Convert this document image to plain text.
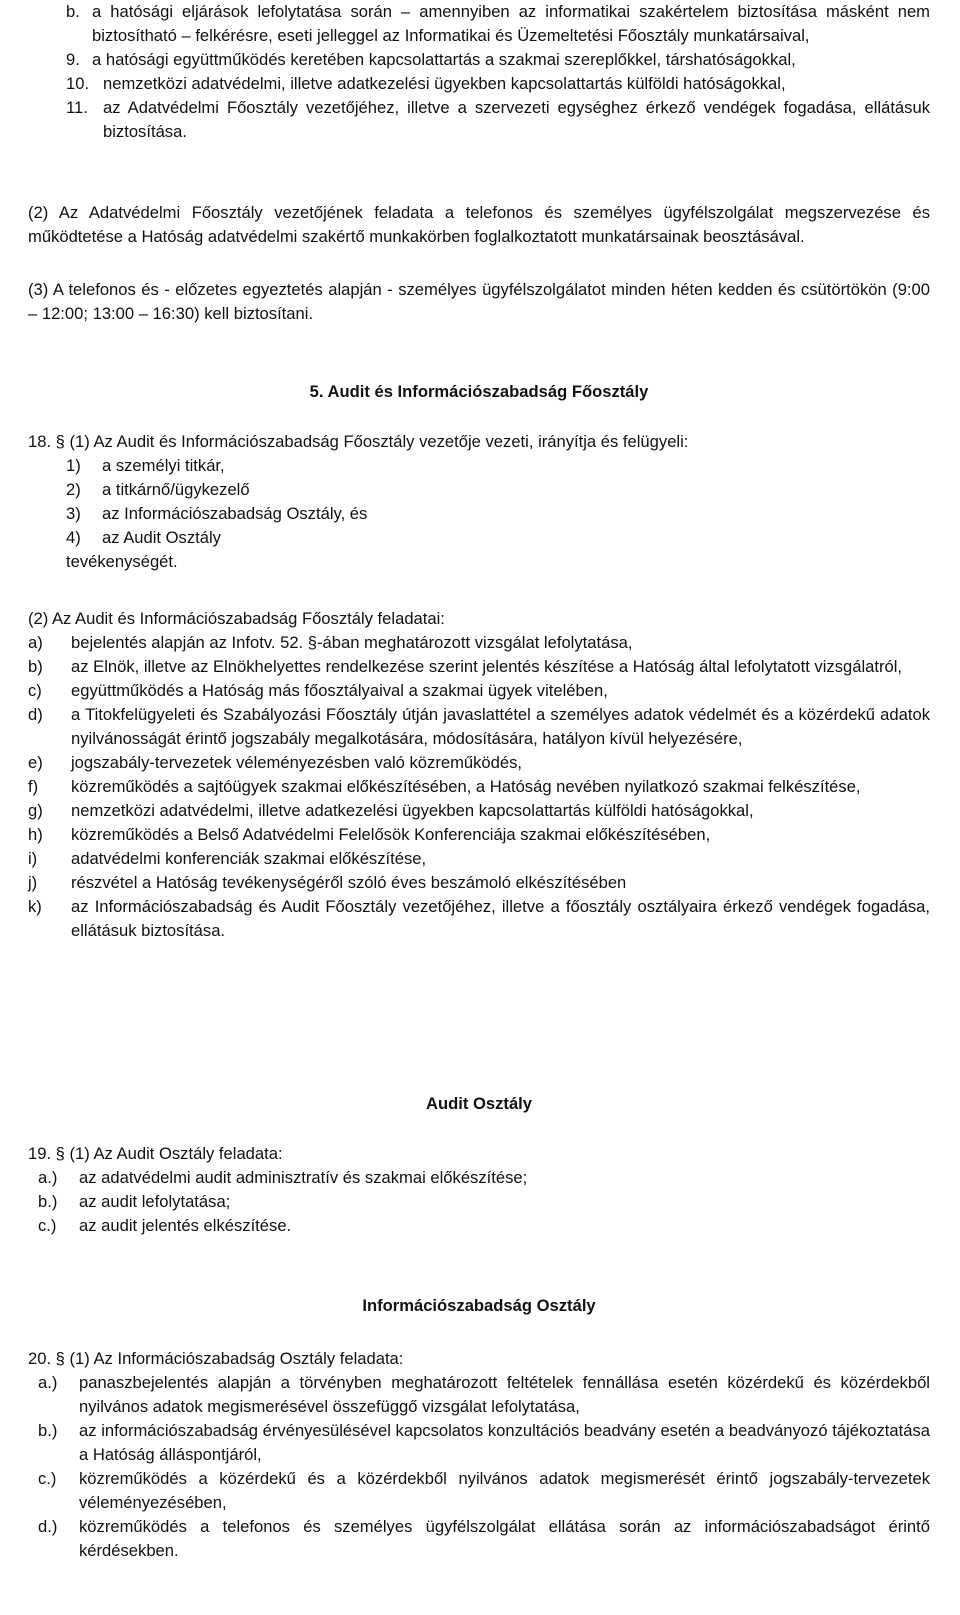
b. a hatósági eljárások lefolytatása során – amennyiben az informatikai szakértelem biztosítása másként nem biztosítható – felkérésre, eseti jelleggel az Informatikai és Üzemeltetési Főosztály munkatársaival,
9. a hatósági együttműködés keretében kapcsolattartás a szakmai szereplőkkel, társhatóságokkal,
10. nemzetközi adatvédelmi, illetve adatkezelési ügyekben kapcsolattartás külföldi hatóságokkal,
11. az Adatvédelmi Főosztály vezetőjéhez, illetve a szervezeti egységhez érkező vendégek fogadása, ellátásuk biztosítása.
(2) Az Adatvédelmi Főosztály vezetőjének feladata a telefonos és személyes ügyfélszolgálat megszervezése és működtetése a Hatóság adatvédelmi szakértő munkakörben foglalkoztatott munkatársainak beosztásával.
(3) A telefonos és - előzetes egyeztetés alapján - személyes ügyfélszolgálatot minden héten kedden és csütörtökön (9:00 – 12:00; 13:00 – 16:30) kell biztosítani.
5. Audit és Információszabadság Főosztály
18. § (1) Az Audit és Információszabadság Főosztály vezetője vezeti, irányítja és felügyeli:
1)	a személyi titkár,
2)	a titkárnő/ügykezelő
3)	az Információszabadság Osztály, és
4)	az Audit Osztály
tevékenységét.
(2) Az Audit és Információszabadság Főosztály feladatai:
a)	bejelentés alapján az Infotv. 52. §-ában meghatározott vizsgálat lefolytatása,
b)	az Elnök, illetve az Elnökhelyettes rendelkezése szerint jelentés készítése a Hatóság által lefolytatott vizsgálatról,
c)	együttműködés a Hatóság más főosztályaival a szakmai ügyek vitelében,
d)	a Titokfelügyeleti és Szabályozási Főosztály útján javaslattétel a személyes adatok védelmét és a közérdekű adatok nyilvánosságát érintő jogszabály megalkotására, módosítására, hatályon kívül helyezésére,
e)	jogszabály-tervezetek véleményezésben való közreműködés,
f)	közreműködés a sajtóügyek szakmai előkészítésében, a Hatóság nevében nyilatkozó szakmai felkészítése,
g)	nemzetközi adatvédelmi, illetve adatkezelési ügyekben kapcsolattartás külföldi hatóságokkal,
h)	közreműködés a Belső Adatvédelmi Felelősök Konferenciája szakmai előkészítésében,
i)	adatvédelmi konferenciák szakmai előkészítése,
j)	részvétel a Hatóság tevékenységéről szóló éves beszámoló elkészítésében
k)	az Információszabadság és Audit Főosztály vezetőjéhez, illetve a főosztály osztályaira érkező vendégek fogadása, ellátásuk biztosítása.
Audit Osztály
19. § (1) Az Audit Osztály feladata:
a.)	az adatvédelmi audit adminisztratív és szakmai előkészítése;
b.)	az audit lefolytatása;
c.)	az audit jelentés elkészítése.
Információszabadság Osztály
20. § (1) Az Információszabadság Osztály feladata:
a.)	panaszbejelentés alapján a törvényben meghatározott feltételek fennállása esetén közérdekű és közérdekből nyilvános adatok megismerésével összefüggő vizsgálat lefolytatása,
b.)	az információszabadság érvényesülésével kapcsolatos konzultációs beadvány esetén a beadványozó tájékoztatása a Hatóság álláspontjáról,
c.)	közreműködés a közérdekű és a közérdekből nyilvános adatok megismerését érintő jogszabály-tervezetek véleményezésében,
d.)	közreműködés a telefonos és személyes ügyfélszolgálat ellátása során az információszabadságot érintő kérdésekben.
